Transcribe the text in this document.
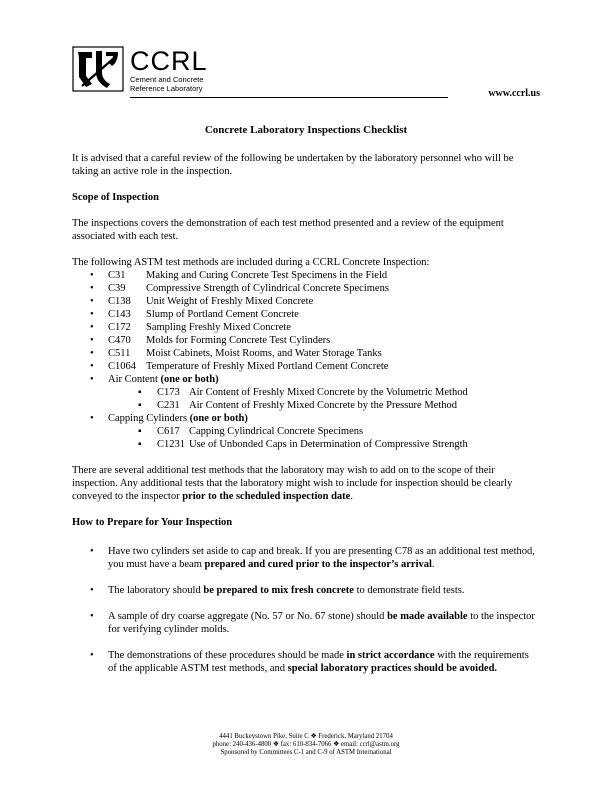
CCRL

Cement and Concrete

Reference Laboratory	www.ccrl.us
Concrete Laboratory Inspections Checklist

It is advised that a careful review of the following be undertaken by the laboratory personnel who will be taking an active role in the inspection.

Scope of Inspection

The inspections covers the demonstration of each test method presented and a review of the equipment associated with each test.

The following ASTM test methods are included during a CCRL Concrete Inspection:

• C31 Making and Curing Concrete Test Specimens in the Field
• C39 Compressive Strength of Cylindrical Concrete Specimens
• C138 Unit Weight of Freshly Mixed Concrete
• C143 Slump of Portland Cement Concrete
• C172 Sampling Freshly Mixed Concrete
• C470 Molds for Forming Concrete Test Cylinders
• C511 Moist Cabinets, Moist Rooms, and Water Storage Tanks
• C1064 Temperature of Freshly Mixed Portland Cement Concrete
• Air Content (one or both)
▪ C173 Air Content of Freshly Mixed Concrete by the Volumetric Method
▪ C231 Air Content of Freshly Mixed Concrete by the Pressure Method
• Capping Cylinders (one or both)
▪ C617 Capping Cylindrical Concrete Specimens
▪ C1231 Use of Unbonded Caps in Determination of Compressive Strength

There are several additional test methods that the laboratory may wish to add on to the scope of their inspection. Any additional tests that the laboratory might wish to include for inspection should be clearly conveyed to the inspector prior to the scheduled inspection date.

How to Prepare for Your Inspection

• Have two cylinders set aside to cap and break. If you are presenting C78 as an additional test method, you must have a beam prepared and cured prior to the inspector’s arrival.
• The laboratory should be prepared to mix fresh concrete to demonstrate field tests.
• A sample of dry coarse aggregate (No. 57 or No. 67 stone) should be made available to the inspector for verifying cylinder molds.
• The demonstrations of these procedures should be made in strict accordance with the requirements of the applicable ASTM test methods, and special laboratory practices should be avoided.
4441 Buckeystown Pike, Suite C ❖ Frederick, Maryland 21704
phone: 240-436-4800 ❖ fax: 610-834-7066 ❖ email: ccrl@astm.org
Sponsored by Committees C-1 and C-9 of ASTM International
